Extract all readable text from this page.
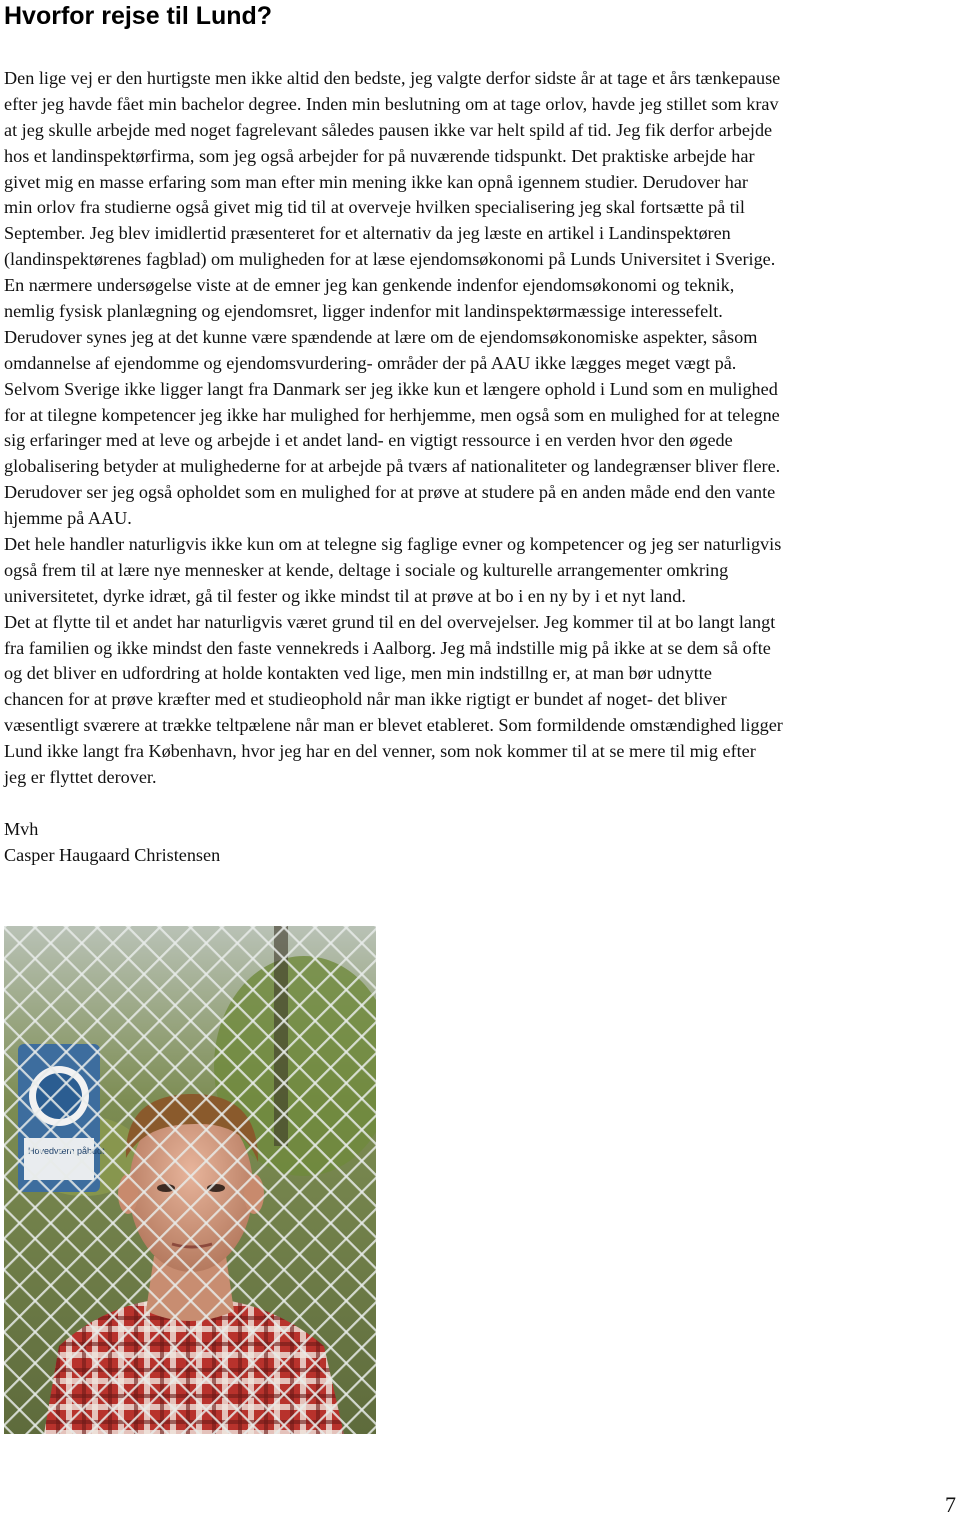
Hvorfor rejse til Lund?
Den lige vej er den hurtigste men ikke altid den bedste, jeg valgte derfor sidste år at tage et års tænkepause
efter jeg havde fået min bachelor degree. Inden min beslutning om at tage orlov, havde jeg stillet som krav
at jeg skulle arbejde med noget fagrelevant således pausen ikke var helt spild af tid. Jeg fik derfor arbejde
hos et landinspektørfirma, som jeg også arbejder for på nuværende tidspunkt. Det praktiske arbejde har
givet mig en masse erfaring som man efter min mening ikke kan opnå igennem studier. Derudover har
min orlov fra studierne også givet mig tid til at overveje hvilken specialisering jeg skal fortsætte på til
September. Jeg blev imidlertid præsenteret for et alternativ da jeg læste en artikel i Landinspektøren
(landinspektørenes fagblad) om muligheden for at læse ejendomsøkonomi på Lunds Universitet i Sverige.
En nærmere undersøgelse viste at de emner jeg kan genkende indenfor ejendomsøkonomi og teknik,
nemlig fysisk planlægning og ejendomsret, ligger indenfor mit landinspektørmæssige interessefelt.
Derudover synes jeg at det kunne være spændende at lære om de ejendomsøkonomiske aspekter, såsom
omdannelse af ejendomme og ejendomsvurdering- områder der på AAU ikke lægges meget vægt på.
Selvom Sverige ikke ligger langt fra Danmark ser jeg ikke kun et længere ophold i Lund som en mulighed
for at tilegne kompetencer jeg ikke har mulighed for herhjemme, men også som en mulighed for at telegne
sig erfaringer med at leve og arbejde i et andet land- en vigtigt ressource i en verden hvor den øgede
globalisering betyder at mulighederne for at arbejde på tværs af nationaliteter og landegrænser bliver flere.
Derudover ser jeg også opholdet som en mulighed for at prøve at studere på en anden måde end den vante
hjemme på AAU.
Det hele handler naturligvis ikke kun om at telegne sig faglige evner og kompetencer og jeg ser naturligvis
også frem til at lære nye mennesker at kende, deltage i sociale og kulturelle arrangementer omkring
universitetet, dyrke idræt, gå til fester og ikke mindst til at prøve at bo i en ny by i et nyt land.
Det at flytte til et andet har naturligvis været grund til en del overvejelser. Jeg kommer til at bo langt langt
fra familien og ikke mindst den faste vennekreds i Aalborg. Jeg må indstille mig på ikke at se dem så ofte
og det bliver en udfordring at holde kontakten ved lige, men min indstillng er, at man bør udnytte
chancen for at prøve kræfter med et studieophold når man ikke rigtigt er bundet af noget- det bliver
væsentligt sværere at trække teltpælene når man er blevet etableret. Som formildende omstændighed ligger
Lund ikke langt fra København, hvor jeg har en del venner, som nok kommer til at se mere til mig efter
jeg er flyttet derover.
Mvh
Casper Haugaard Christensen
7
